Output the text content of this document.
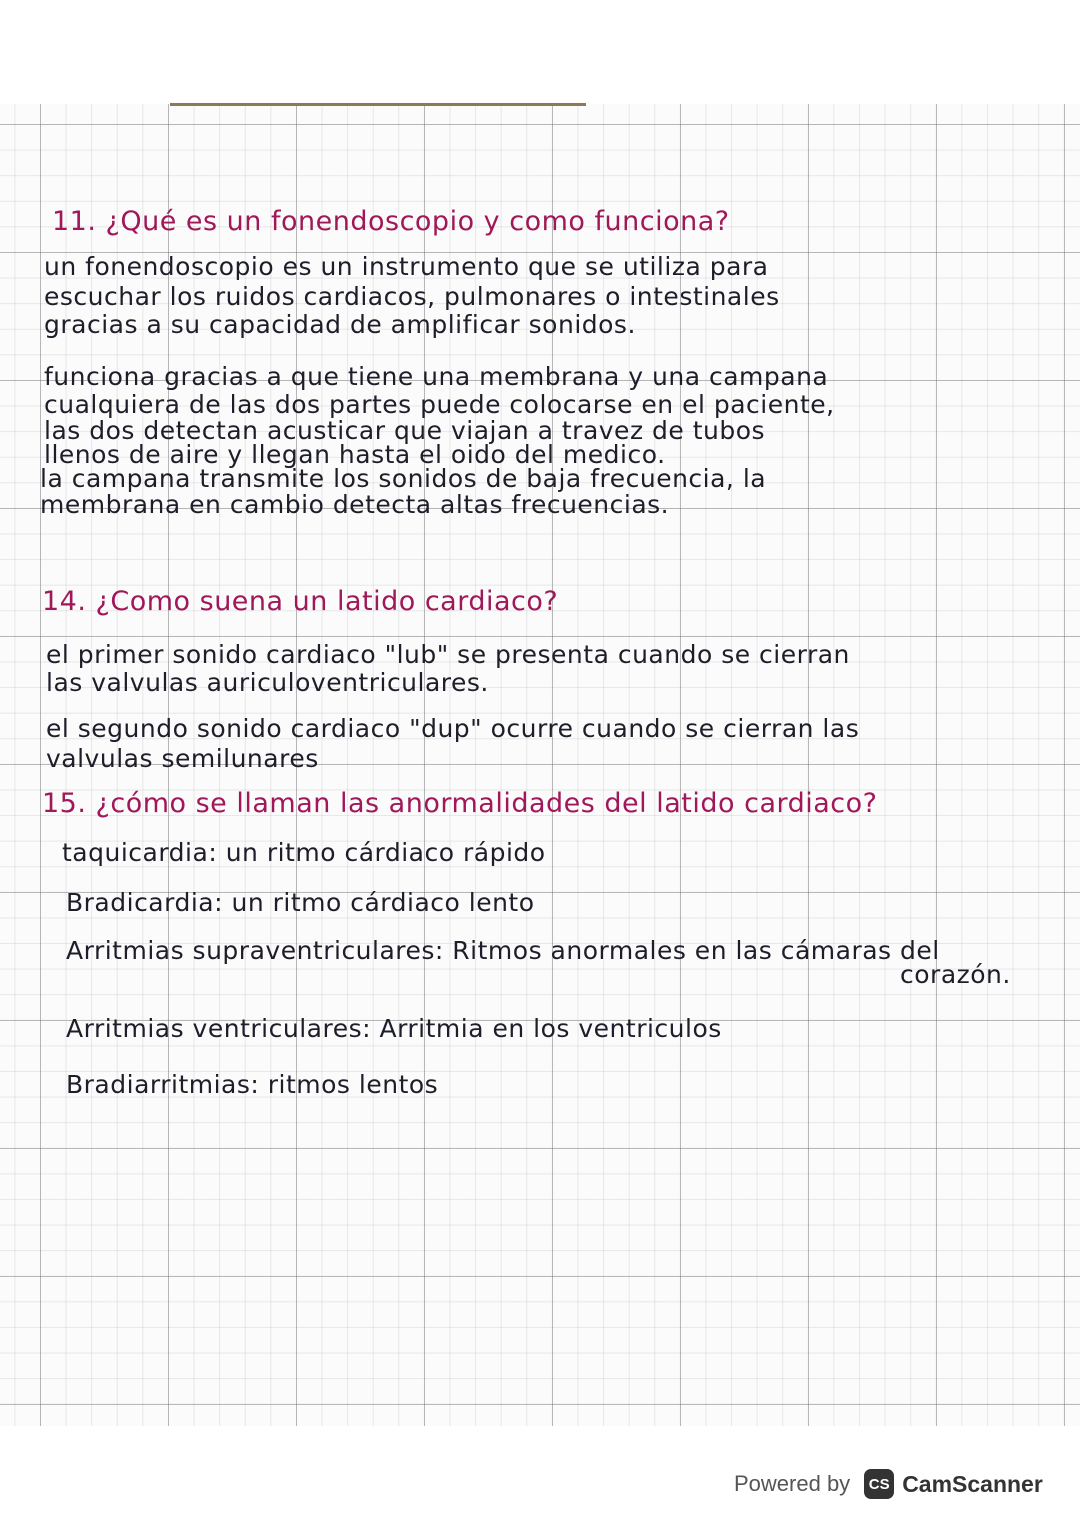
11. ¿Qué es un fonendoscopio y como funciona?

un fonendoscopio es un instrumento que se utiliza para

escuchar los ruidos cardiacos, pulmonares o intestinales

gracias a su capacidad de amplificar sonidos.

funciona gracias a que tiene una membrana y una campana

cualquiera de las dos partes puede colocarse en el paciente,

las dos detectan acusticar que viajan a travez de tubos

llenos de aire y llegan hasta el oido del medico.

la campana transmite los sonidos de baja frecuencia, la

membrana en cambio detecta altas frecuencias.

14. ¿Como suena un latido cardiaco?

el primer sonido cardiaco "lub" se presenta cuando se cierran

las valvulas auriculoventriculares.

el segundo sonido cardiaco "dup" ocurre cuando se cierran las

valvulas semilunares

15. ¿cómo se llaman las anormalidades del latido cardiaco?

taquicardia: un ritmo cárdiaco rápido

Bradicardia: un ritmo cárdiaco lento

Arritmias supraventriculares: Ritmos anormales en las cámaras del

corazón.

Arritmias ventriculares: Arritmia en los ventriculos

Bradiarritmias: ritmos lentos

Powered by	CS CamScanner
